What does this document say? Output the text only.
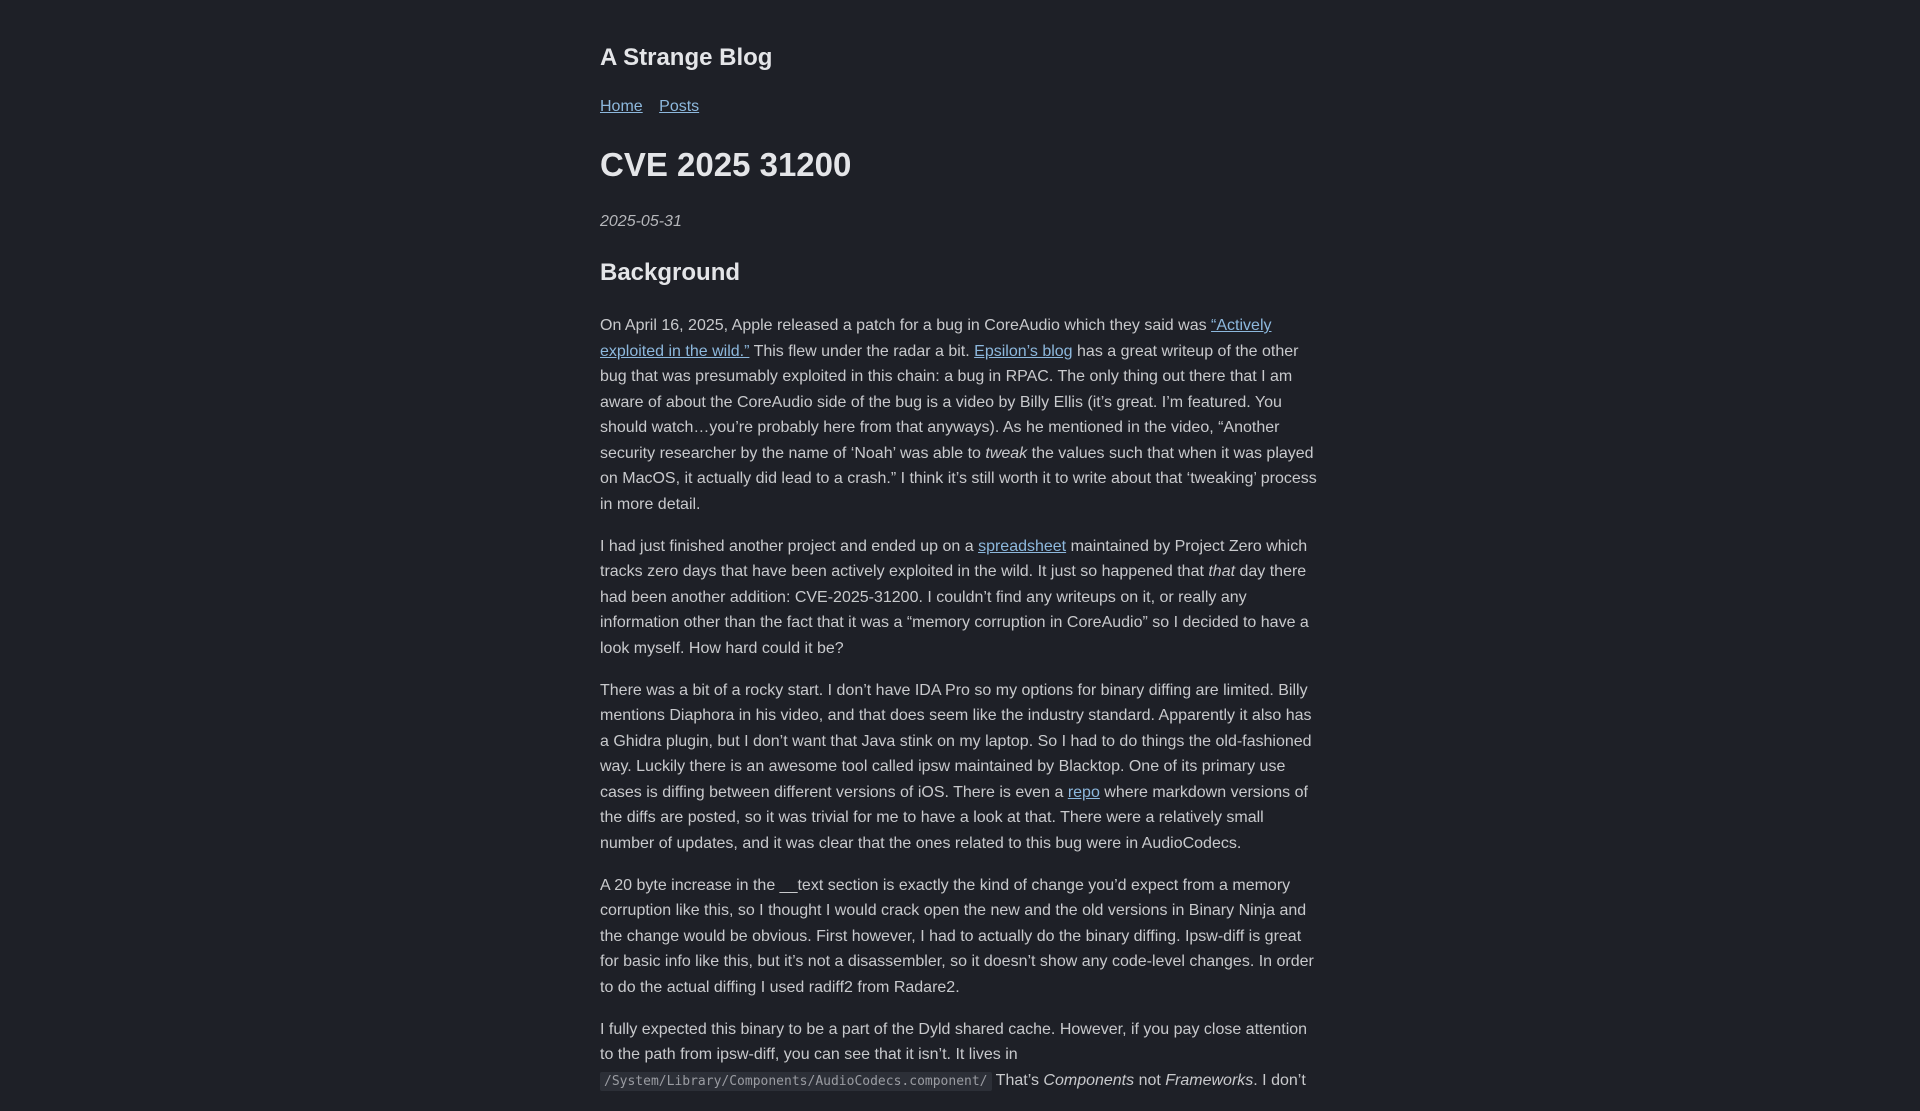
A Strange Blog
Home Posts
CVE 2025 31200
2025-05-31
Background

On April 16, 2025, Apple released a patch for a bug in CoreAudio which they said was “Actively exploited in the wild.” This flew under the radar a bit. Epsilon’s blog has a great writeup of the other bug that was presumably exploited in this chain: a bug in RPAC. The only thing out there that I am aware of about the CoreAudio side of the bug is a video by Billy Ellis (it’s great. I’m featured. You should watch…you’re probably here from that anyways). As he mentioned in the video, “Another security researcher by the name of ‘Noah’ was able to tweak the values such that when it was played on MacOS, it actually did lead to a crash.” I think it’s still worth it to write about that ‘tweaking’ process in more detail.

I had just finished another project and ended up on a spreadsheet maintained by Project Zero which tracks zero days that have been actively exploited in the wild. It just so happened that that day there had been another addition: CVE-2025-31200. I couldn’t find any writeups on it, or really any information other than the fact that it was a “memory corruption in CoreAudio” so I decided to have a look myself. How hard could it be?

There was a bit of a rocky start. I don’t have IDA Pro so my options for binary diffing are limited. Billy mentions Diaphora in his video, and that does seem like the industry standard. Apparently it also has a Ghidra plugin, but I don’t want that Java stink on my laptop. So I had to do things the old-fashioned way. Luckily there is an awesome tool called ipsw maintained by Blacktop. One of its primary use cases is diffing between different versions of iOS. There is even a repo where markdown versions of the diffs are posted, so it was trivial for me to have a look at that. There were a relatively small number of updates, and it was clear that the ones related to this bug were in AudioCodecs.

A 20 byte increase in the __text section is exactly the kind of change you’d expect from a memory corruption like this, so I thought I would crack open the new and the old versions in Binary Ninja and the change would be obvious. First however, I had to actually do the binary diffing. Ipsw-diff is great for basic info like this, but it’s not a disassembler, so it doesn’t show any code-level changes. In order to do the actual diffing I used radiff2 from Radare2.

I fully expected this binary to be a part of the Dyld shared cache. However, if you pay close attention to the path from ipsw-diff, you can see that it isn’t. It lives in /System/Library/Components/AudioCodecs.component/ That’s Components not Frameworks. I don’t
